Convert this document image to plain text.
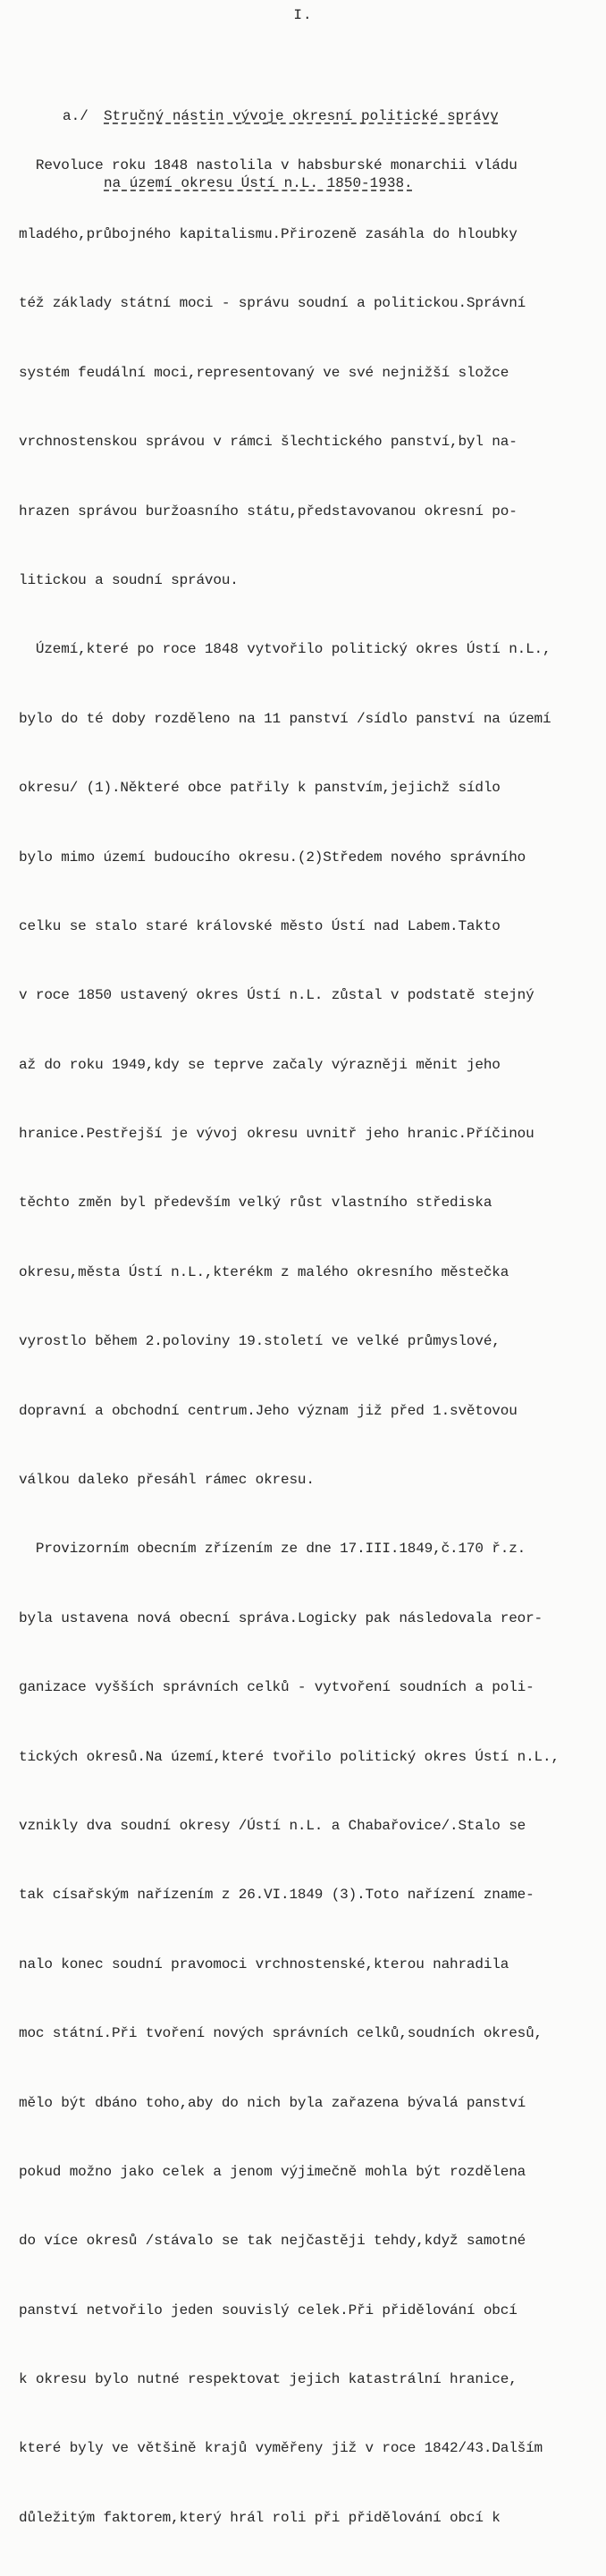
I.

a./ Stručný nástin vývoje okresní politické správy

na území okresu Ústí n.L. 1850-1938.

Revoluce roku 1848 nastolila v habsburské monarchii vládu

mladého,průbojného kapitalismu.Přirozeně zasáhla do hloubky

též základy státní moci - správu soudní a politickou.Správní

systém feudální moci,representovaný ve své nejnižší složce

vrchnostenskou správou v rámci šlechtického panství,byl na-

hrazen správou buržoasního státu,představovanou okresní po-

litickou a soudní správou.

Území,které po roce 1848 vytvořilo politický okres Ústí n.L.,

bylo do té doby rozděleno na 11 panství /sídlo panství na území

okresu/ (1).Některé obce patřily k panstvím,jejichž sídlo

bylo mimo území budoucího okresu.(2)Středem nového správního

celku se stalo staré královské město Ústí nad Labem.Takto

v roce 1850 ustavený okres Ústí n.L. zůstal v podstatě stejný

až do roku 1949,kdy se teprve začaly výrazněji měnit jeho

hranice.Pestřejší je vývoj okresu uvnitř jeho hranic.Příčinou

těchto změn byl především velký růst vlastního střediska

okresu,města Ústí n.L.,kterékm z malého okresního městečka

vyrostlo během 2.poloviny 19.století ve velké průmyslové,

dopravní a obchodní centrum.Jeho význam již před 1.světovou

válkou daleko přesáhl rámec okresu.

Provizorním obecním zřízením ze dne 17.III.1849,č.170 ř.z.

byla ustavena nová obecní správa.Logicky pak následovala reor-

ganizace vyšších správních celků - vytvoření soudních a poli-

tických okresů.Na území,které tvořilo politický okres Ústí n.L.,

vznikly dva soudní okresy /Ústí n.L. a Chabařovice/.Stalo se

tak císařským nařízením z 26.VI.1849 (3).Toto nařízení zname-

nalo konec soudní pravomoci vrchnostenské,kterou nahradila

moc státní.Při tvoření nových správních celků,soudních okresů,

mělo být dbáno toho,aby do nich byla zařazena bývalá panství

pokud možno jako celek a jenom výjimečně mohla být rozdělena

do více okresů /stávalo se tak nejčastěji tehdy,když samotné

panství netvořilo jeden souvislý celek.Při přidělování obcí

k okresu bylo nutné respektovat jejich katastrální hranice,

které byly ve většině krajů vyměřeny již v roce 1842/43.Dalším

důležitým faktorem,který hrál roli při přidělování obcí k
